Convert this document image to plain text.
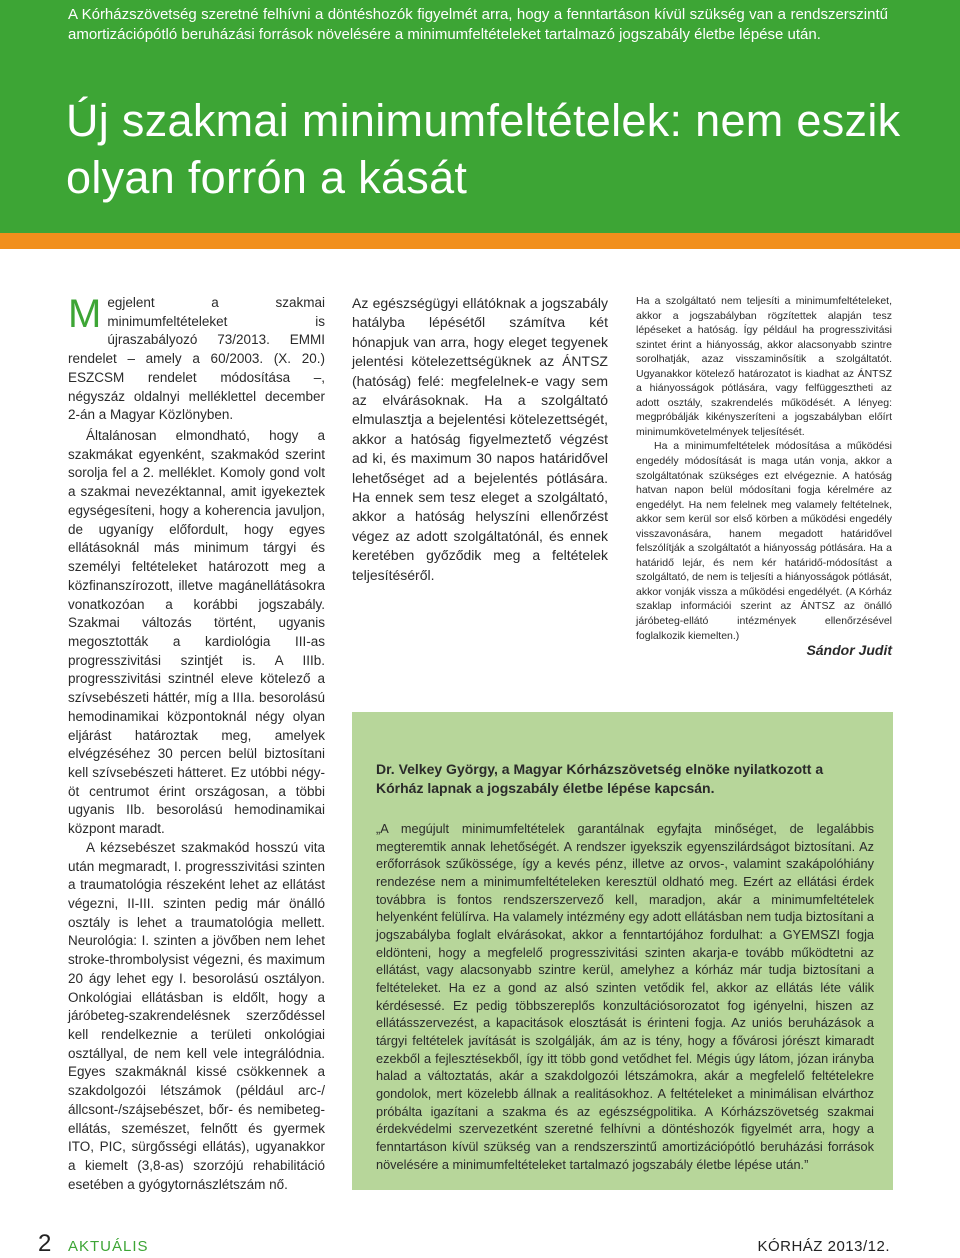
A Kórházszövetség szeretné felhívni a döntéshozók figyelmét arra, hogy a fenntartáson kívül szükség van a rendszerszintű amortizációpótló beruházási források növelésére a minimumfeltételeket tartalmazó jogszabály életbe lépése után.

Új szakmai minimumfeltételek: nem eszik
olyan forrón a kását

Megjelent a szakmai minimumfeltételeket is újraszabályozó 73/2013. EMMI rendelet – amely a 60/2003. (X. 20.) ESZCSM rendelet módosítása –, négyszáz oldalnyi melléklettel december 2-án a Magyar Közlönyben.

Általánosan elmondható, hogy a szakmákat egyenként, szakmakód szerint sorolja fel a 2. melléklet. Komoly gond volt a szakmai nevezéktannal, amit igyekeztek egységesíteni, hogy a koherencia javuljon, de ugyanígy előfordult, hogy egyes ellátásoknál más minimum tárgyi és személyi feltételeket határozott meg a közfinanszírozott, illetve magánellátásokra vonatkozóan a korábbi jogszabály. Szakmai változás történt, ugyanis megosztották a kardiológia III-as progresszivitási szintjét is. A IIIb. progresszivitási szintnél eleve kötelező a szívsebészeti háttér, míg a IIIa. besorolású hemodinamikai központoknál négy olyan eljárást határoztak meg, amelyek elvégzéséhez 30 percen belül biztosítani kell szívsebészeti hátteret. Ez utóbbi négy-öt centrumot érint országosan, a többi ugyanis IIb. besorolású hemodinamikai központ maradt.

A kézsebészet szakmakód hosszú vita után megmaradt, I. progresszivitási szinten a traumatológia részeként lehet az ellátást végezni, II-III. szinten pedig már önálló osztály is lehet a traumatológia mellett. Neurológia: I. szinten a jövőben nem lehet stroke-thrombolysist végezni, és maximum 20 ágy lehet egy I. besorolású osztályon. Onkológiai ellátásban is eldőlt, hogy a járóbeteg-szakrendelésnek szerződéssel kell rendelkeznie a területi onkológiai osztállyal, de nem kell vele integrálódnia. Egyes szakmáknál kissé csökkennek a szakdolgozói létszámok (például arc-/állcsont-/szájsebészet, bőr- és nemibeteg-ellátás, szemészet, felnőtt és gyermek ITO, PIC, sürgősségi ellátás), ugyanakkor a kiemelt (3,8-as) szorzójú rehabilitáció esetében a gyógytornászlétszám nő.

Az egészségügyi ellátóknak a jogszabály hatályba lépésétől számítva két hónapjuk van arra, hogy eleget tegyenek jelentési kötelezettségüknek az ÁNTSZ (hatóság) felé: megfelelnek-e vagy sem az elvárásoknak. Ha a szolgáltató elmulasztja a bejelentési kötelezettségét, akkor a hatóság figyelmeztető végzést ad ki, és maximum 30 napos határidővel lehetőséget ad a bejelentés pótlására. Ha ennek sem tesz eleget a szolgáltató, akkor a hatóság helyszíni ellenőrzést végez az adott szolgáltatónál, és ennek keretében győződik meg a feltételek teljesítéséről.

Ha a szolgáltató nem teljesíti a minimumfeltételeket, akkor a jogszabályban rögzítettek alapján tesz lépéseket a hatóság. Így például ha progresszivitási szintet érint a hiányosság, akkor alacsonyabb szintre sorolhatják, azaz visszaminősítik a szolgáltatót. Ugyanakkor kötelező határozatot is kiadhat az ÁNTSZ a hiányosságok pótlására, vagy felfüggesztheti az adott osztály, szakrendelés működését. A lényeg: megpróbálják kikényszeríteni a jogszabályban előírt minimumkövetelmények teljesítését.

Ha a minimumfeltételek módosítása a működési engedély módosítását is maga után vonja, akkor a szolgáltatónak szükséges ezt elvégeznie. A hatóság hatvan napon belül módosítani fogja kérelmére az engedélyt. Ha nem felelnek meg valamely feltételnek, akkor sem kerül sor első körben a működési engedély visszavonására, hanem megadott határidővel felszólítják a szolgáltatót a hiányosság pótlására. Ha a határidő lejár, és nem kér határidő-módosítást a szolgáltató, de nem is teljesíti a hiányosságok pótlását, akkor vonják vissza a működési engedélyét. (A Kórház szaklap információi szerint az ÁNTSZ az önálló járóbeteg-ellátó intézmények ellenőrzésével foglalkozik kiemelten.)

Sándor Judit

Dr. Velkey György, a Magyar Kórházszövetség elnöke nyilatkozott a Kórház lapnak a jogszabály életbe lépése kapcsán.

„A megújult minimumfeltételek garantálnak egyfajta minőséget, de legalábbis megteremtik annak lehetőségét. A rendszer igyekszik egyenszilárdságot biztosítani. Az erőforrások szűkössége, így a kevés pénz, illetve az orvos-, valamint szakápolóhiány rendezése nem a minimumfeltételeken keresztül oldható meg. Ezért az ellátási érdek továbbra is fontos rendszerszervező kell, maradjon, akár a minimumfeltételek helyenként felülírva. Ha valamely intézmény egy adott ellátásban nem tudja biztosítani a jogszabályba foglalt elvárásokat, akkor a fenntartójához fordulhat: a GYEMSZI fogja eldönteni, hogy a megfelelő progresszivitási szinten akarja-e tovább működtetni az ellátást, vagy alacsonyabb szintre kerül, amelyhez a kórház már tudja biztosítani a feltételeket. Ha ez a gond az alsó szinten vetődik fel, akkor az ellátás léte válik kérdésessé. Ez pedig többszereplős konzultációsorozatot fog igényelni, hiszen az ellátásszervezést, a kapacitások elosztását is érinteni fogja. Az uniós beruházások a tárgyi feltételek javítását is szolgálják, ám az is tény, hogy a fővárosi jórészt kimaradt ezekből a fejlesztésekből, így itt több gond vetődhet fel. Mégis úgy látom, józan irányba halad a változtatás, akár a szakdolgozói létszámokra, akár a megfelelő feltételekre gondolok, mert közelebb állnak a realitásokhoz. A feltételeket a minimálisan elvárthoz próbálta igazítani a szakma és az egészségpolitika. A Kórházszövetség szakmai érdekvédelmi szervezetként szeretné felhívni a döntéshozók figyelmét arra, hogy a fenntartáson kívül szükség van a rendszerszintű amortizációpótló beruházási források növelésére a minimumfeltételeket tartalmazó jogszabály életbe lépése után.”

2 AKTUÁLIS	KÓRHÁZ 2013/12.
